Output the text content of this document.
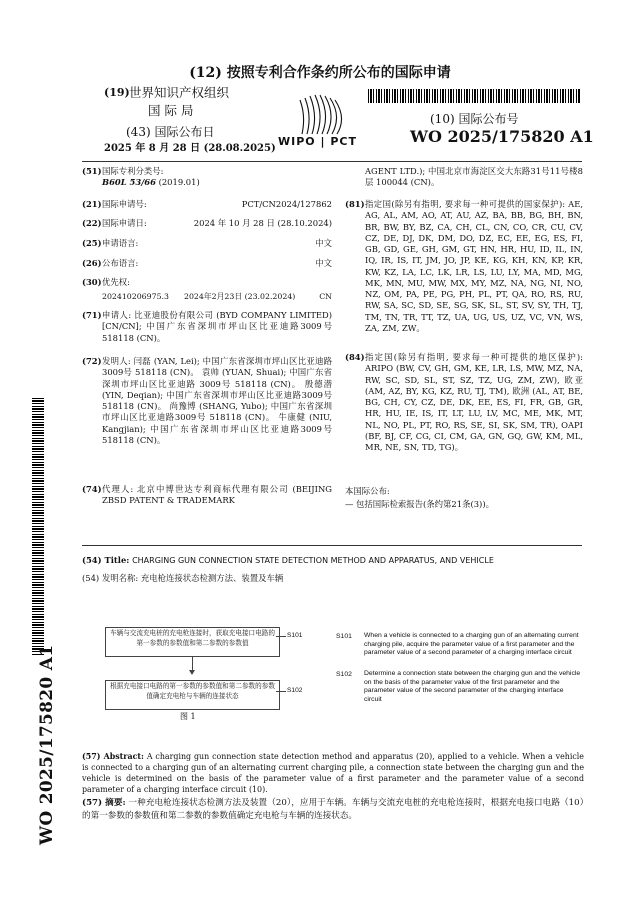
(12) 按照专利合作条约所公布的国际申请
(19) 世界知识产权组织
国 际 局
(43) 国际公布日
2025 年 8 月 28 日 (28.08.2025)
WIPO | PCT
(10) 国际公布号
WO 2025/175820 A1
(51) 国际专利分类号:
B60L 53/66 (2019.01)
(21) 国际申请号:	PCT/CN2024/127862
(22) 国际申请日:	2024 年 10 月 28 日 (28.10.2024)
(25) 申请语言:	中文
(26) 公布语言:	中文
(30) 优先权:
202410206975.3 2024年2月23日 (23.02.2024)	CN
(71) 申请人: 比亚迪股份有限公司 (BYD COMPANY LIMITED) [CN/CN]; 中国广东省深圳市坪山区比亚迪路3009号 518118 (CN)。
(72) 发明人: 闫磊 (YAN, Lei); 中国广东省深圳市坪山区比亚迪路3009号 518118 (CN)。 袁帅 (YUAN, Shuai); 中国广东省深圳市坪山区比亚迪路 3009号 518118 (CN)。 殷德潜 (YIN, Deqian); 中国广东省深圳市坪山区比亚迪路3009号 518118 (CN)。 尚豫博 (SHANG, Yubo); 中国广东省深圳市坪山区比亚迪路3009号 518118 (CN)。 牛康健 (NIU, Kangjian); 中国广东省深圳市坪山区比亚迪路3009号 518118 (CN)。
(74) 代理人: 北京中博世达专利商标代理有限公司 (BEIJING ZBSD PATENT & TRADEMARK
AGENT LTD.); 中国北京市海淀区交大东路31号11号楼8层 100044 (CN)。
(81) 指定国(除另有指明, 要求每一种可提供的国家保护): AE, AG, AL, AM, AO, AT, AU, AZ, BA, BB, BG, BH, BN, BR, BW, BY, BZ, CA, CH, CL, CN, CO, CR, CU, CV, CZ, DE, DJ, DK, DM, DO, DZ, EC, EE, EG, ES, FI, GB, GD, GE, GH, GM, GT, HN, HR, HU, ID, IL, IN, IQ, IR, IS, IT, JM, JO, JP, KE, KG, KH, KN, KP, KR, KW, KZ, LA, LC, LK, LR, LS, LU, LY, MA, MD, MG, MK, MN, MU, MW, MX, MY, MZ, NA, NG, NI, NO, NZ, OM, PA, PE, PG, PH, PL, PT, QA, RO, RS, RU, RW, SA, SC, SD, SE, SG, SK, SL, ST, SV, SY, TH, TJ, TM, TN, TR, TT, TZ, UA, UG, US, UZ, VC, VN, WS, ZA, ZM, ZW。
(84) 指定国(除另有指明, 要求每一种可提供的地区保护): ARIPO (BW, CV, GH, GM, KE, LR, LS, MW, MZ, NA, RW, SC, SD, SL, ST, SZ, TZ, UG, ZM, ZW), 欧亚 (AM, AZ, BY, KG, KZ, RU, TJ, TM), 欧洲 (AL, AT, BE, BG, CH, CY, CZ, DE, DK, EE, ES, FI, FR, GB, GR, HR, HU, IE, IS, IT, LT, LU, LV, MC, ME, MK, MT, NL, NO, PL, PT, RO, RS, SE, SI, SK, SM, TR), OAPI (BF, BJ, CF, CG, CI, CM, GA, GN, GQ, GW, KM, ML, MR, NE, SN, TD, TG)。
本国际公布:
— 包括国际检索报告(条约第21条(3))。
(54) Title: CHARGING GUN CONNECTION STATE DETECTION METHOD AND APPARATUS, AND VEHICLE
(54) 发明名称: 充电枪连接状态检测方法、装置及车辆
车辆与交流充电桩的充电枪连接时，获取充电接口电路的第一参数的参数值和第二参数的参数值
根据充电接口电路的第一参数的参数值和第二参数的参数值确定充电枪与车辆的连接状态
S101
S102
图 1
S101 When a vehicle is connected to a charging gun of an alternating current charging pile, acquire the parameter value of a first parameter and the parameter value of a second parameter of a charging interface circuit
S102 Determine a connection state between the charging gun and the vehicle on the basis of the parameter value of the first parameter and the parameter value of the second parameter of the charging interface circuit
(57) Abstract: A charging gun connection state detection method and apparatus (20), applied to a vehicle. When a vehicle is connected to a charging gun of an alternating current charging pile, a connection state between the charging gun and the vehicle is determined on the basis of the parameter value of a first parameter and the parameter value of a second parameter of a charging interface circuit (10).
(57) 摘要: 一种充电枪连接状态检测方法及装置（20），应用于车辆。车辆与交流充电桩的充电枪连接时，根据充电接口电路（10）的第一参数的参数值和第二参数的参数值确定充电枪与车辆的连接状态。
WO 2025/175820 A1
